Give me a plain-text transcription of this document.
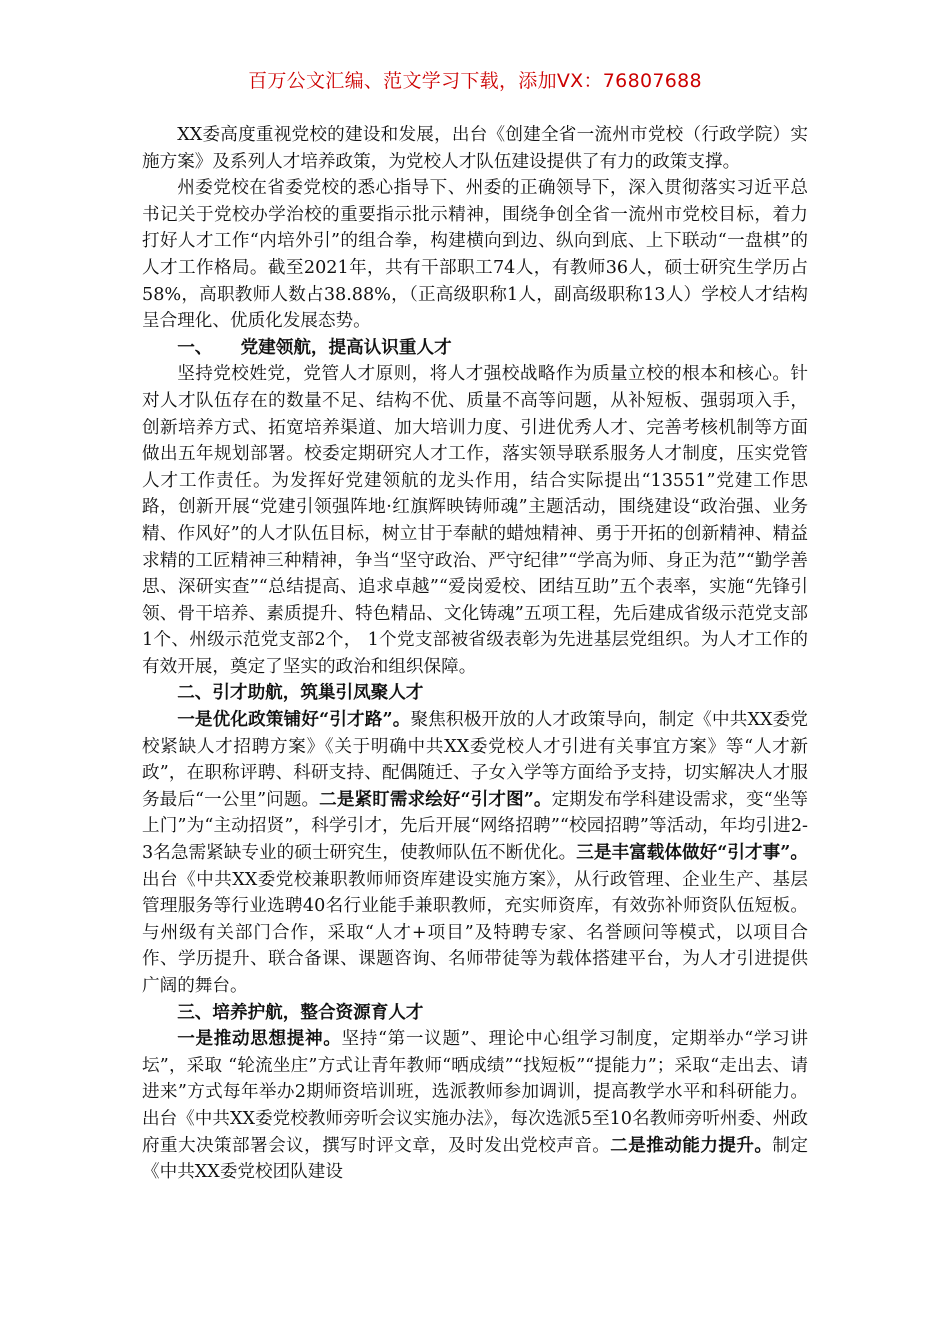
百万公文汇编、范文学习下载，添加VX：76807688

XX委高度重视党校的建设和发展，出台《创建全省一流州市党校（行政学院）实施方案》及系列人才培养政策，为党校人才队伍建设提供了有力的政策支撑。

州委党校在省委党校的悉心指导下、州委的正确领导下，深入贯彻落实习近平总书记关于党校办学治校的重要指示批示精神，围绕争创全省一流州市党校目标，着力打好人才工作“内培外引”的组合拳，构建横向到边、纵向到底、上下联动“一盘棋”的人才工作格局。截至2021年，共有干部职工74人，有教师36人，硕士研究生学历占58%，高职教师人数占38.88%，（正高级职称1人，副高级职称13人）学校人才结构呈合理化、优质化发展态势。

一、 党建领航，提高认识重人才

坚持党校姓党，党管人才原则，将人才强校战略作为质量立校的根本和核心。针对人才队伍存在的数量不足、结构不优、质量不高等问题，从补短板、强弱项入手，创新培养方式、拓宽培养渠道、加大培训力度、引进优秀人才、完善考核机制等方面做出五年规划部署。校委定期研究人才工作，落实领导联系服务人才制度，压实党管人才工作责任。为发挥好党建领航的龙头作用，结合实际提出“13551”党建工作思路，创新开展“党建引领强阵地·红旗辉映铸师魂”主题活动，围绕建设“政治强、业务精、作风好”的人才队伍目标，树立甘于奉献的蜡烛精神、勇于开拓的创新精神、精益求精的工匠精神三种精神，争当“坚守政治、严守纪律”“学高为师、身正为范”“勤学善思、深研实查”“总结提高、追求卓越”“爱岗爱校、团结互助”五个表率，实施“先锋引领、骨干培养、素质提升、特色精品、文化铸魂”五项工程，先后建成省级示范党支部1个、州级示范党支部2个， 1个党支部被省级表彰为先进基层党组织。为人才工作的有效开展，奠定了坚实的政治和组织保障。

二、引才助航，筑巢引凤聚人才

一是优化政策铺好“引才路”。聚焦积极开放的人才政策导向，制定《中共XX委党校紧缺人才招聘方案》《关于明确中共XX委党校人才引进有关事宜方案》等“人才新政”，在职称评聘、科研支持、配偶随迁、子女入学等方面给予支持，切实解决人才服务最后“一公里”问题。二是紧盯需求绘好“引才图”。定期发布学科建设需求，变“坐等上门”为“主动招贤”，科学引才，先后开展“网络招聘”“校园招聘”等活动，年均引进2-3名急需紧缺专业的硕士研究生，使教师队伍不断优化。三是丰富载体做好“引才事”。出台《中共XX委党校兼职教师师资库建设实施方案》，从行政管理、企业生产、基层管理服务等行业选聘40名行业能手兼职教师，充实师资库，有效弥补师资队伍短板。与州级有关部门合作，采取“人才+项目”及特聘专家、名誉顾问等模式，以项目合作、学历提升、联合备课、课题咨询、名师带徒等为载体搭建平台，为人才引进提供广阔的舞台。

三、培养护航，整合资源育人才

一是推动思想提神。坚持“第一议题”、理论中心组学习制度，定期举办“学习讲坛”，采取 “轮流坐庄”方式让青年教师“晒成绩”“找短板”“提能力”；采取“走出去、请进来”方式每年举办2期师资培训班，选派教师参加调训，提高教学水平和科研能力。出台《中共XX委党校教师旁听会议实施办法》，每次选派5至10名教师旁听州委、州政府重大决策部署会议，撰写时评文章，及时发出党校声音。二是推动能力提升。制定《中共XX委党校团队建设
